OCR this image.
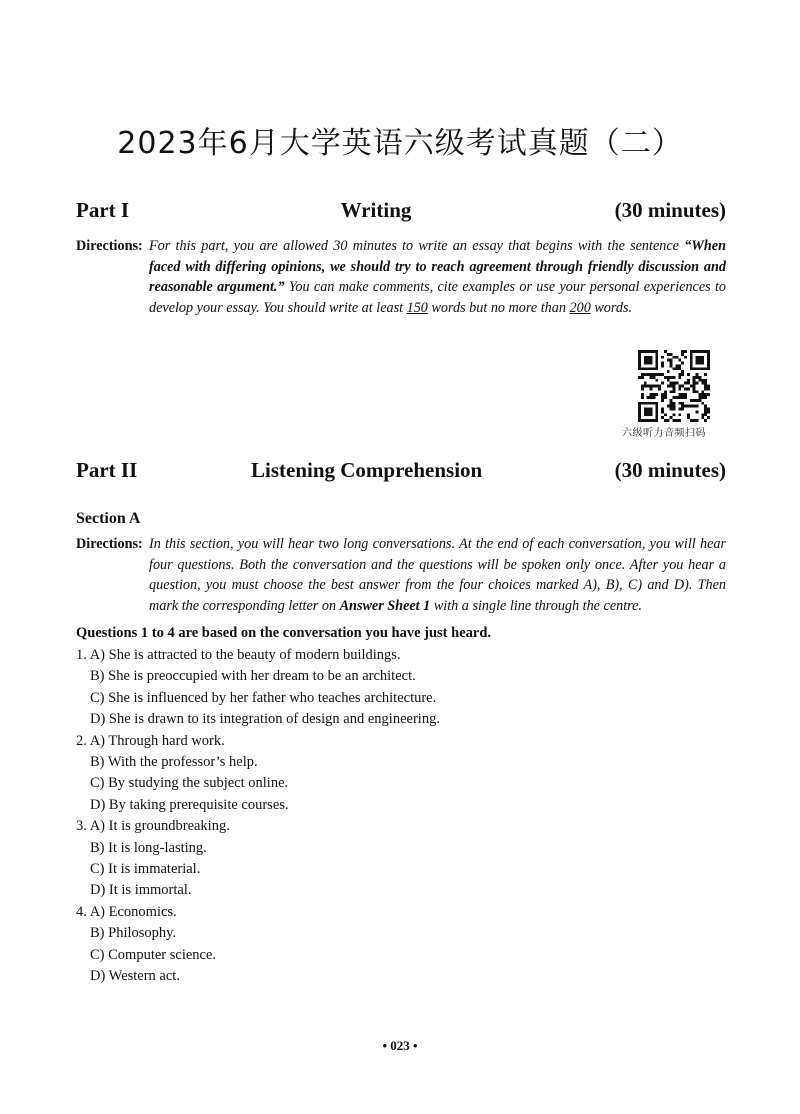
2023年6月大学英语六级考试真题（二）
Part I	Writing	(30 minutes)
Directions: For this part, you are allowed 30 minutes to write an essay that begins with the sentence “When faced with differing opinions, we should try to reach agreement through friendly discussion and reasonable argument.” You can make comments, cite examples or use your personal experiences to develop your essay. You should write at least 150 words but no more than 200 words.
六级听力音频扫码
Part II	Listening Comprehension	(30 minutes)
Section A
Directions: In this section, you will hear two long conversations. At the end of each conversation, you will hear four questions. Both the conversation and the questions will be spoken only once. After you hear a question, you must choose the best answer from the four choices marked A), B), C) and D). Then mark the corresponding letter on Answer Sheet 1 with a single line through the centre.
Questions 1 to 4 are based on the conversation you have just heard.
1. A) She is attracted to the beauty of modern buildings.
B) She is preoccupied with her dream to be an architect.
C) She is influenced by her father who teaches architecture.
D) She is drawn to its integration of design and engineering.
2. A) Through hard work.
B) With the professor’s help.
C) By studying the subject online.
D) By taking prerequisite courses.
3. A) It is groundbreaking.
B) It is long-lasting.
C) It is immaterial.
D) It is immortal.
4. A) Economics.
B) Philosophy.
C) Computer science.
D) Western act.
• 023 •
